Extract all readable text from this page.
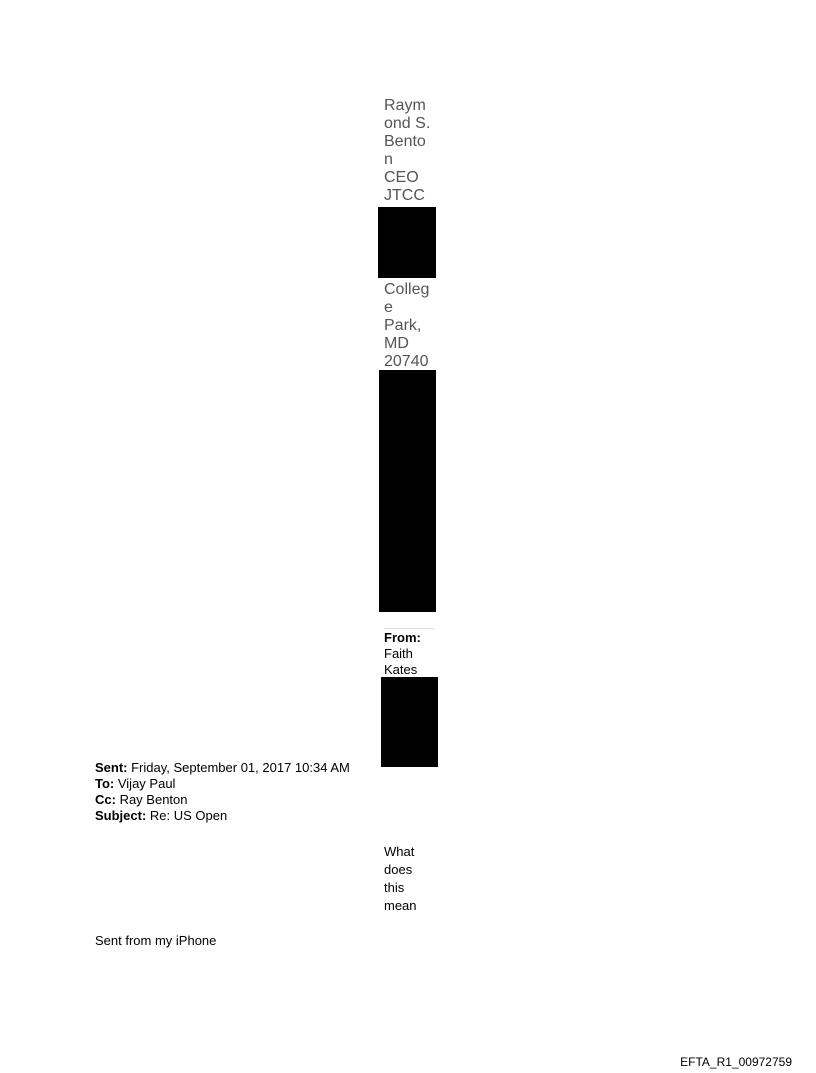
Raym
ond S.
Bento
n
CEO
JTCC
Colleg
e
Park,
MD
20740
From:
Faith
Kates
Sent: Friday, September 01, 2017 10:34 AM
To: Vijay Paul
Cc: Ray Benton
Subject: Re: US Open
What
does
this
mean
Sent from my iPhone
EFTA_R1_00972759
